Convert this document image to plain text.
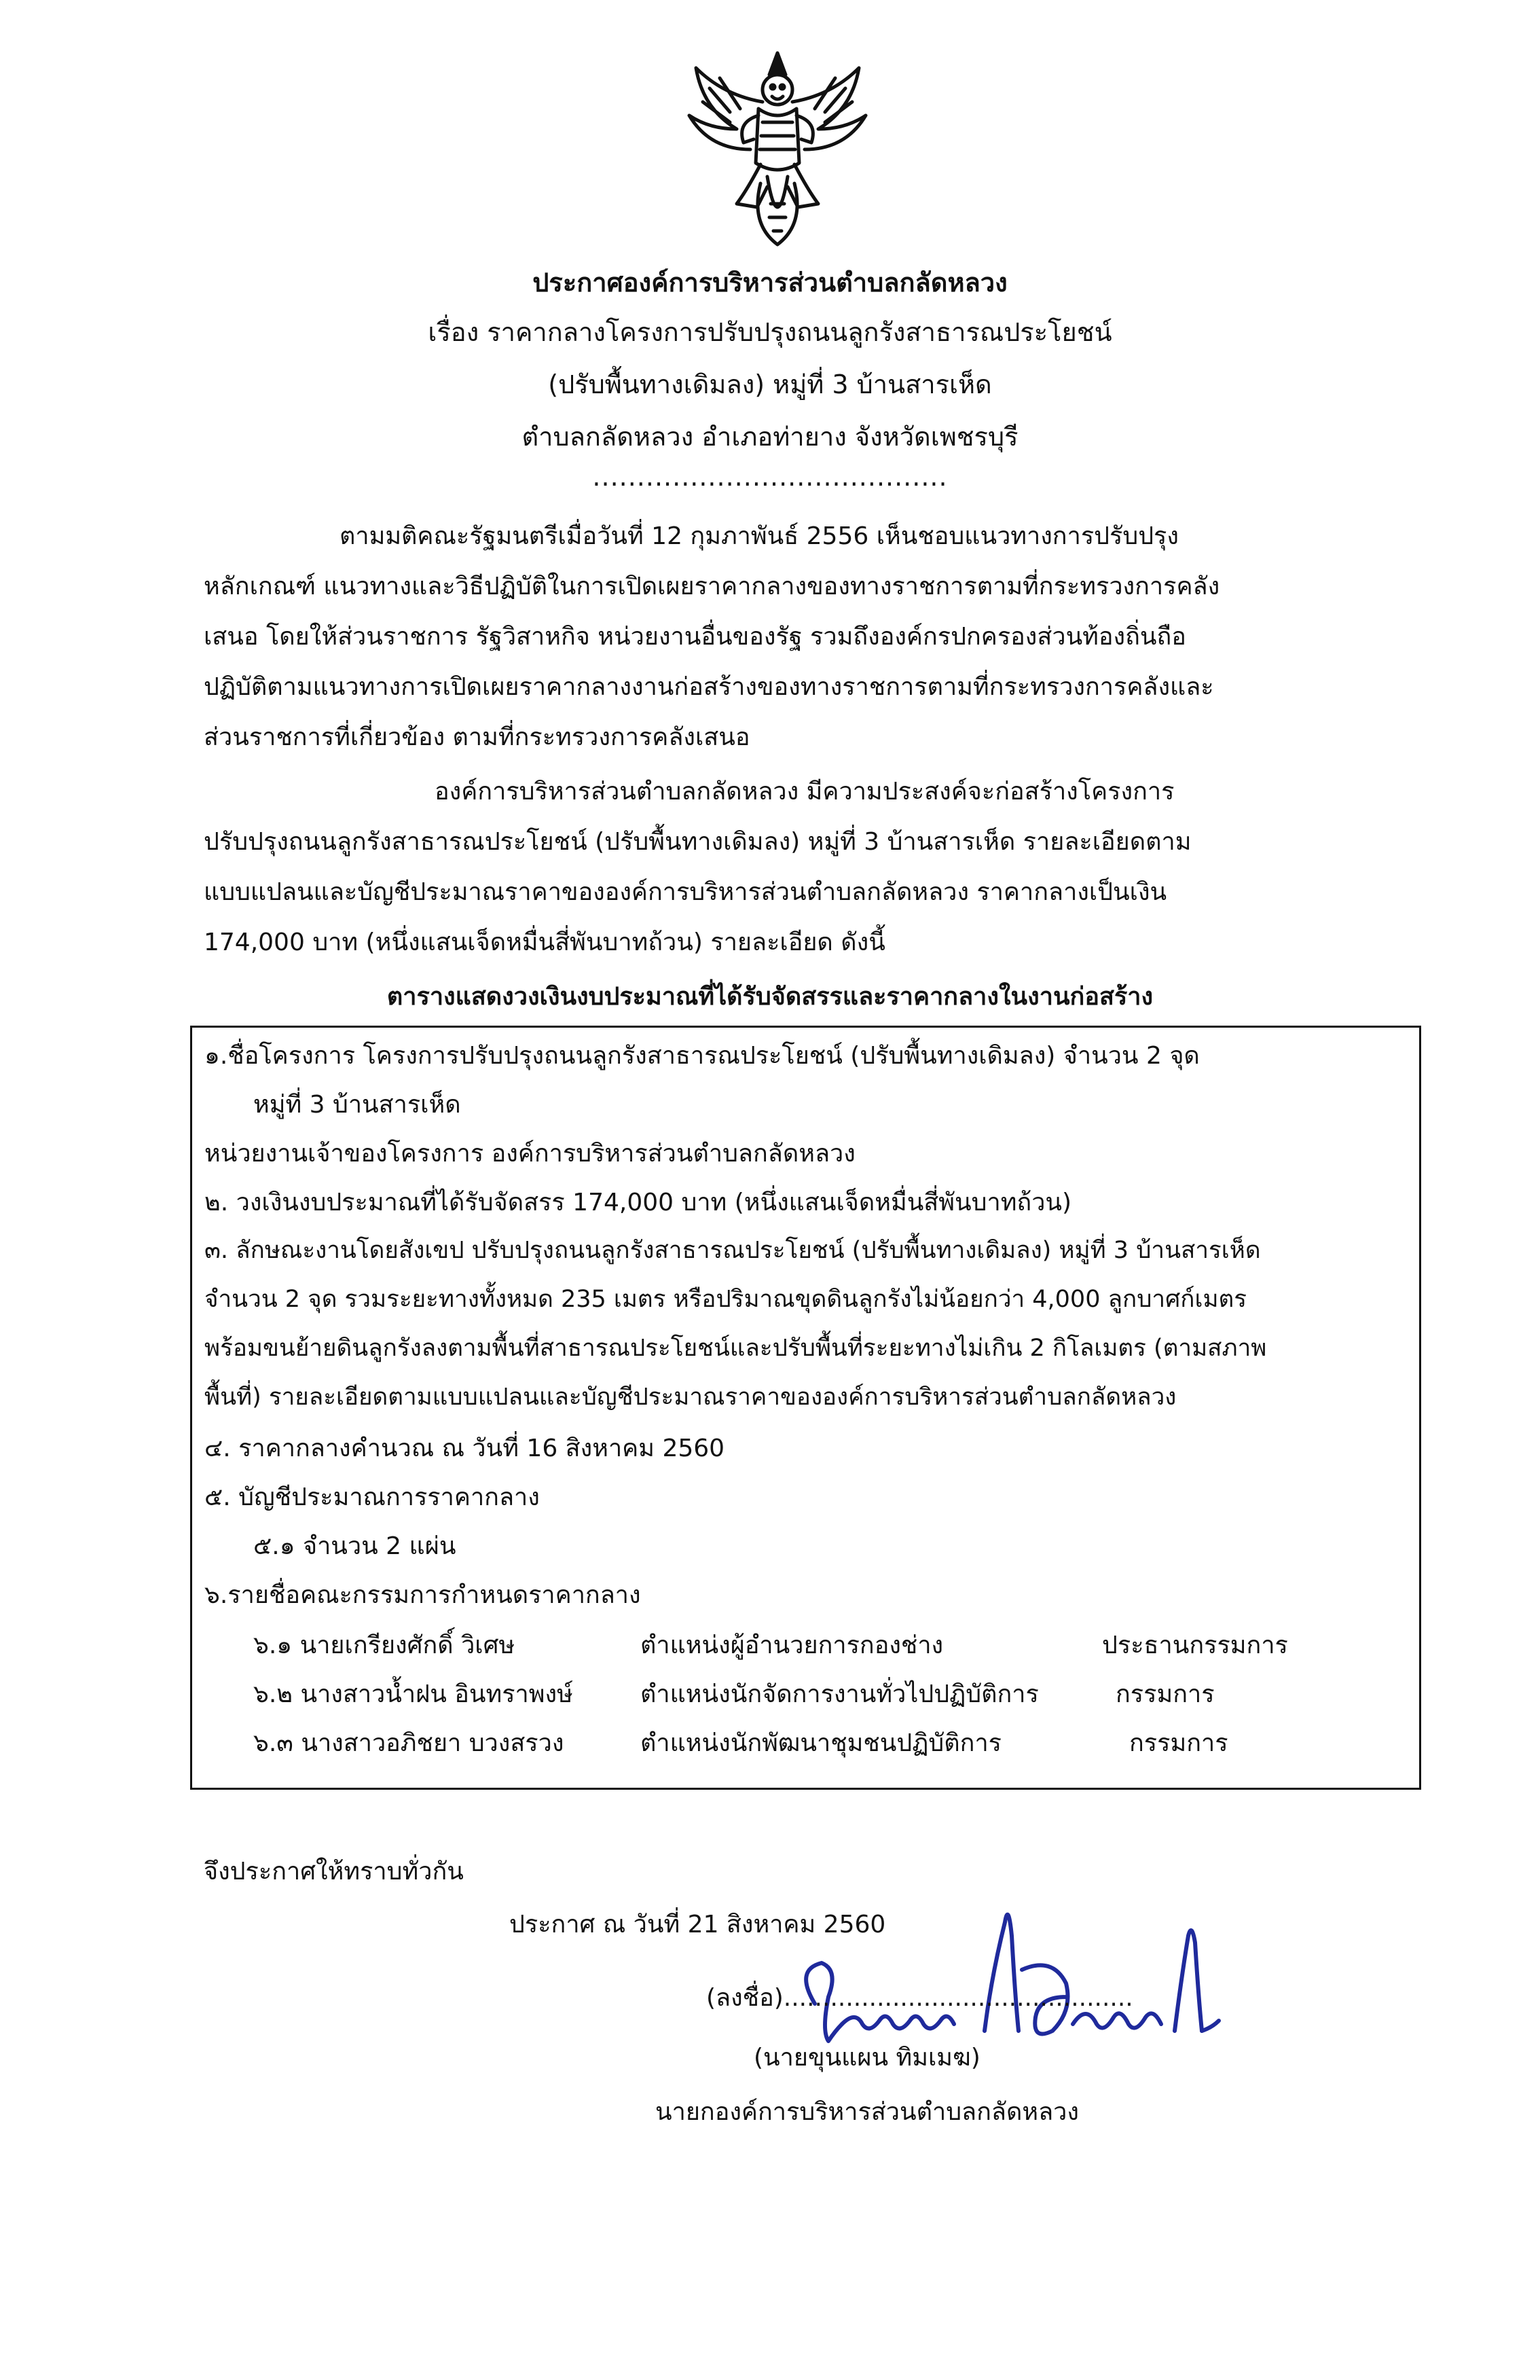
ประกาศองค์การบริหารส่วนตำบลกลัดหลวง
เรื่อง ราคากลางโครงการปรับปรุงถนนลูกรังสาธารณประโยชน์
(ปรับพื้นทางเดิมลง) หมู่ที่ 3 บ้านสารเห็ด
ตำบลกลัดหลวง อำเภอท่ายาง จังหวัดเพชรบุรี
........................................
ตามมติคณะรัฐมนตรีเมื่อวันที่ 12 กุมภาพันธ์ 2556 เห็นชอบแนวทางการปรับปรุง
หลักเกณฑ์ แนวทางและวิธีปฏิบัติในการเปิดเผยราคากลางของทางราชการตามที่กระทรวงการคลัง
เสนอ โดยให้ส่วนราชการ รัฐวิสาหกิจ หน่วยงานอื่นของรัฐ รวมถึงองค์กรปกครองส่วนท้องถิ่นถือ
ปฏิบัติตามแนวทางการเปิดเผยราคากลางงานก่อสร้างของทางราชการตามที่กระทรวงการคลังและ
ส่วนราชการที่เกี่ยวข้อง ตามที่กระทรวงการคลังเสนอ
องค์การบริหารส่วนตำบลกลัดหลวง มีความประสงค์จะก่อสร้างโครงการ
ปรับปรุงถนนลูกรังสาธารณประโยชน์ (ปรับพื้นทางเดิมลง) หมู่ที่ 3 บ้านสารเห็ด รายละเอียดตาม
แบบแปลนและบัญชีประมาณราคาขององค์การบริหารส่วนตำบลกลัดหลวง ราคากลางเป็นเงิน
174,000 บาท (หนึ่งแสนเจ็ดหมื่นสี่พันบาทถ้วน) รายละเอียด ดังนี้
ตารางแสดงวงเงินงบประมาณที่ได้รับจัดสรรและราคากลางในงานก่อสร้าง
๑.ชื่อโครงการ โครงการปรับปรุงถนนลูกรังสาธารณประโยชน์ (ปรับพื้นทางเดิมลง) จำนวน 2 จุด
หมู่ที่ 3 บ้านสารเห็ด
หน่วยงานเจ้าของโครงการ องค์การบริหารส่วนตำบลกลัดหลวง
๒. วงเงินงบประมาณที่ได้รับจัดสรร 174,000 บาท (หนึ่งแสนเจ็ดหมื่นสี่พันบาทถ้วน)
๓. ลักษณะงานโดยสังเขป ปรับปรุงถนนลูกรังสาธารณประโยชน์ (ปรับพื้นทางเดิมลง) หมู่ที่ 3 บ้านสารเห็ด
จำนวน 2 จุด รวมระยะทางทั้งหมด 235 เมตร หรือปริมาณขุดดินลูกรังไม่น้อยกว่า 4,000 ลูกบาศก์เมตร
พร้อมขนย้ายดินลูกรังลงตามพื้นที่สาธารณประโยชน์และปรับพื้นที่ระยะทางไม่เกิน 2 กิโลเมตร (ตามสภาพ
พื้นที่) รายละเอียดตามแบบแปลนและบัญชีประมาณราคาขององค์การบริหารส่วนตำบลกลัดหลวง
๔. ราคากลางคำนวณ ณ วันที่ 16 สิงหาคม 2560
๕. บัญชีประมาณการราคากลาง
๕.๑ จำนวน 2 แผ่น
๖.รายชื่อคณะกรรมการกำหนดราคากลาง
๖.๑ นายเกรียงศักดิ์ วิเศษ	ตำแหน่งผู้อำนวยการกองช่าง	ประธานกรรมการ
๖.๒ นางสาวน้ำฝน อินทราพงษ์	ตำแหน่งนักจัดการงานทั่วไปปฏิบัติการ	กรรมการ
๖.๓ นางสาวอภิชยา บวงสรวง	ตำแหน่งนักพัฒนาชุมชนปฏิบัติการ	กรรมการ
จึงประกาศให้ทราบทั่วกัน
ประกาศ ณ วันที่ 21 สิงหาคม 2560
(ลงชื่อ).............................................
(นายขุนแผน ทิมเมฆ)
นายกองค์การบริหารส่วนตำบลกลัดหลวง
